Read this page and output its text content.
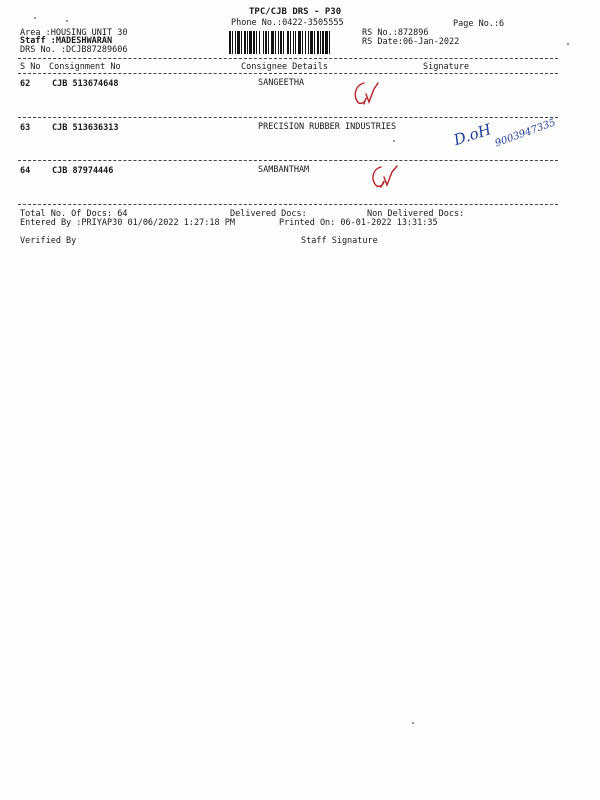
TPC/CJB DRS - P30
Phone No.:0422-3505555	Page No.:6
Area :HOUSING UNIT 30
Staff :MADESHWARAN
DRS No. :DCJB87289606
RS No.:872896
RS Date:06-Jan-2022
S No Consignment No	Consignee Details	Signature
62	CJB 513674648	SANGEETHA
63	CJB 513636313	PRECISION RUBBER INDUSTRIES	D.oH 9003947335
64	CJB 87974446	SAMBANTHAM
Total No. Of Docs: 64	Delivered Docs:	Non Delivered Docs:
Entered By :PRIYAP30 01/06/2022 1:27:18 PM	Printed On: 06-01-2022 13:31:35
Verified By	Staff Signature
